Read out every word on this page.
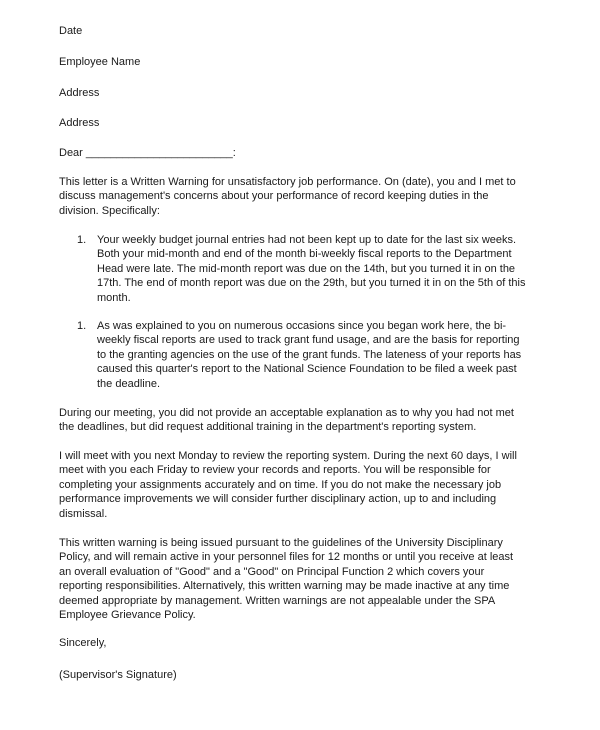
Date
Employee Name
Address
Address
Dear ________________________:
This letter is a Written Warning for unsatisfactory job performance. On (date), you and I met to
discuss management's concerns about your performance of record keeping duties in the
division. Specifically:
1. Your weekly budget journal entries had not been kept up to date for the last six weeks.
Both your mid-month and end of the month bi-weekly fiscal reports to the Department
Head were late. The mid-month report was due on the 14th, but you turned it in on the
17th. The end of month report was due on the 29th, but you turned it in on the 5th of this
month.
1. As was explained to you on numerous occasions since you began work here, the bi-
weekly fiscal reports are used to track grant fund usage, and are the basis for reporting
to the granting agencies on the use of the grant funds. The lateness of your reports has
caused this quarter's report to the National Science Foundation to be filed a week past
the deadline.
During our meeting, you did not provide an acceptable explanation as to why you had not met
the deadlines, but did request additional training in the department's reporting system.
I will meet with you next Monday to review the reporting system. During the next 60 days, I will
meet with you each Friday to review your records and reports. You will be responsible for
completing your assignments accurately and on time. If you do not make the necessary job
performance improvements we will consider further disciplinary action, up to and including
dismissal.
This written warning is being issued pursuant to the guidelines of the University Disciplinary
Policy, and will remain active in your personnel files for 12 months or until you receive at least
an overall evaluation of "Good" and a "Good" on Principal Function 2 which covers your
reporting responsibilities. Alternatively, this written warning may be made inactive at any time
deemed appropriate by management. Written warnings are not appealable under the SPA
Employee Grievance Policy.
Sincerely,
(Supervisor's Signature)
